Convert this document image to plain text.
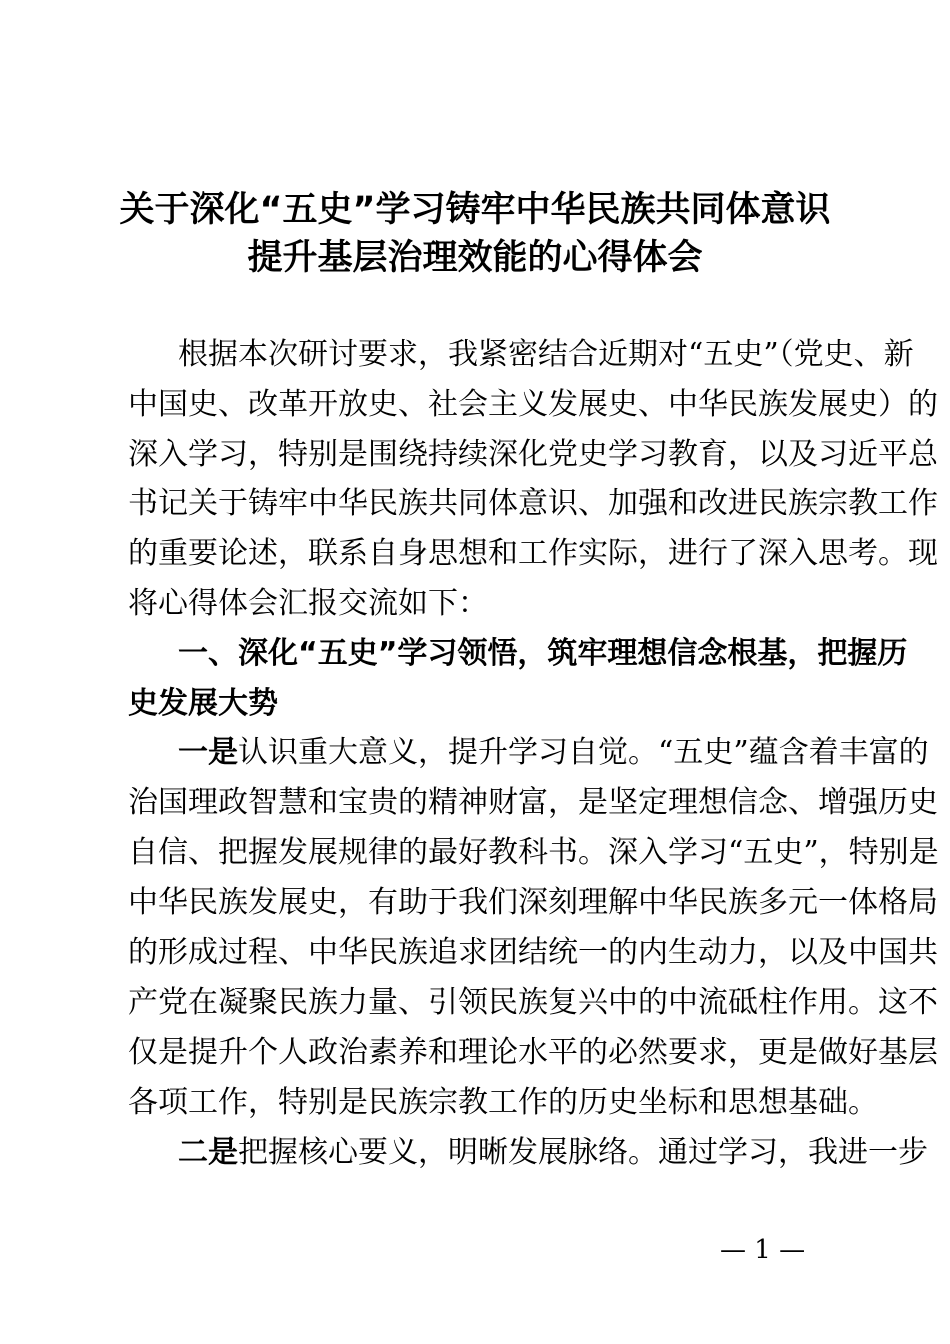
关于深化“五史”学习铸牢中华民族共同体意识
提升基层治理效能的心得体会
根据本次研讨要求，我紧密结合近期对“五史”（党史、新
中国史、改革开放史、社会主义发展史、中华民族发展史）的
深入学习，特别是围绕持续深化党史学习教育，以及习近平总
书记关于铸牢中华民族共同体意识、加强和改进民族宗教工作
的重要论述，联系自身思想和工作实际，进行了深入思考。现
将心得体会汇报交流如下：
一、深化“五史”学习领悟，筑牢理想信念根基，把握历
史发展大势
一是 认识重大意义，提升学习自觉。“五史”蕴含着丰富的
治国理政智慧和宝贵的精神财富，是坚定理想信念、增强历史
自信、把握发展规律的最好教科书。深入学习“五史”，特别是
中华民族发展史，有助于我们深刻理解中华民族多元一体格局
的形成过程、中华民族追求团结统一的内生动力，以及中国共
产党在凝聚民族力量、引领民族复兴中的中流砥柱作用。这不
仅是提升个人政治素养和理论水平的必然要求，更是做好基层
各项工作，特别是民族宗教工作的历史坐标和思想基础。
二是 把握核心要义，明晰发展脉络。通过学习，我进一步
— 1 —
